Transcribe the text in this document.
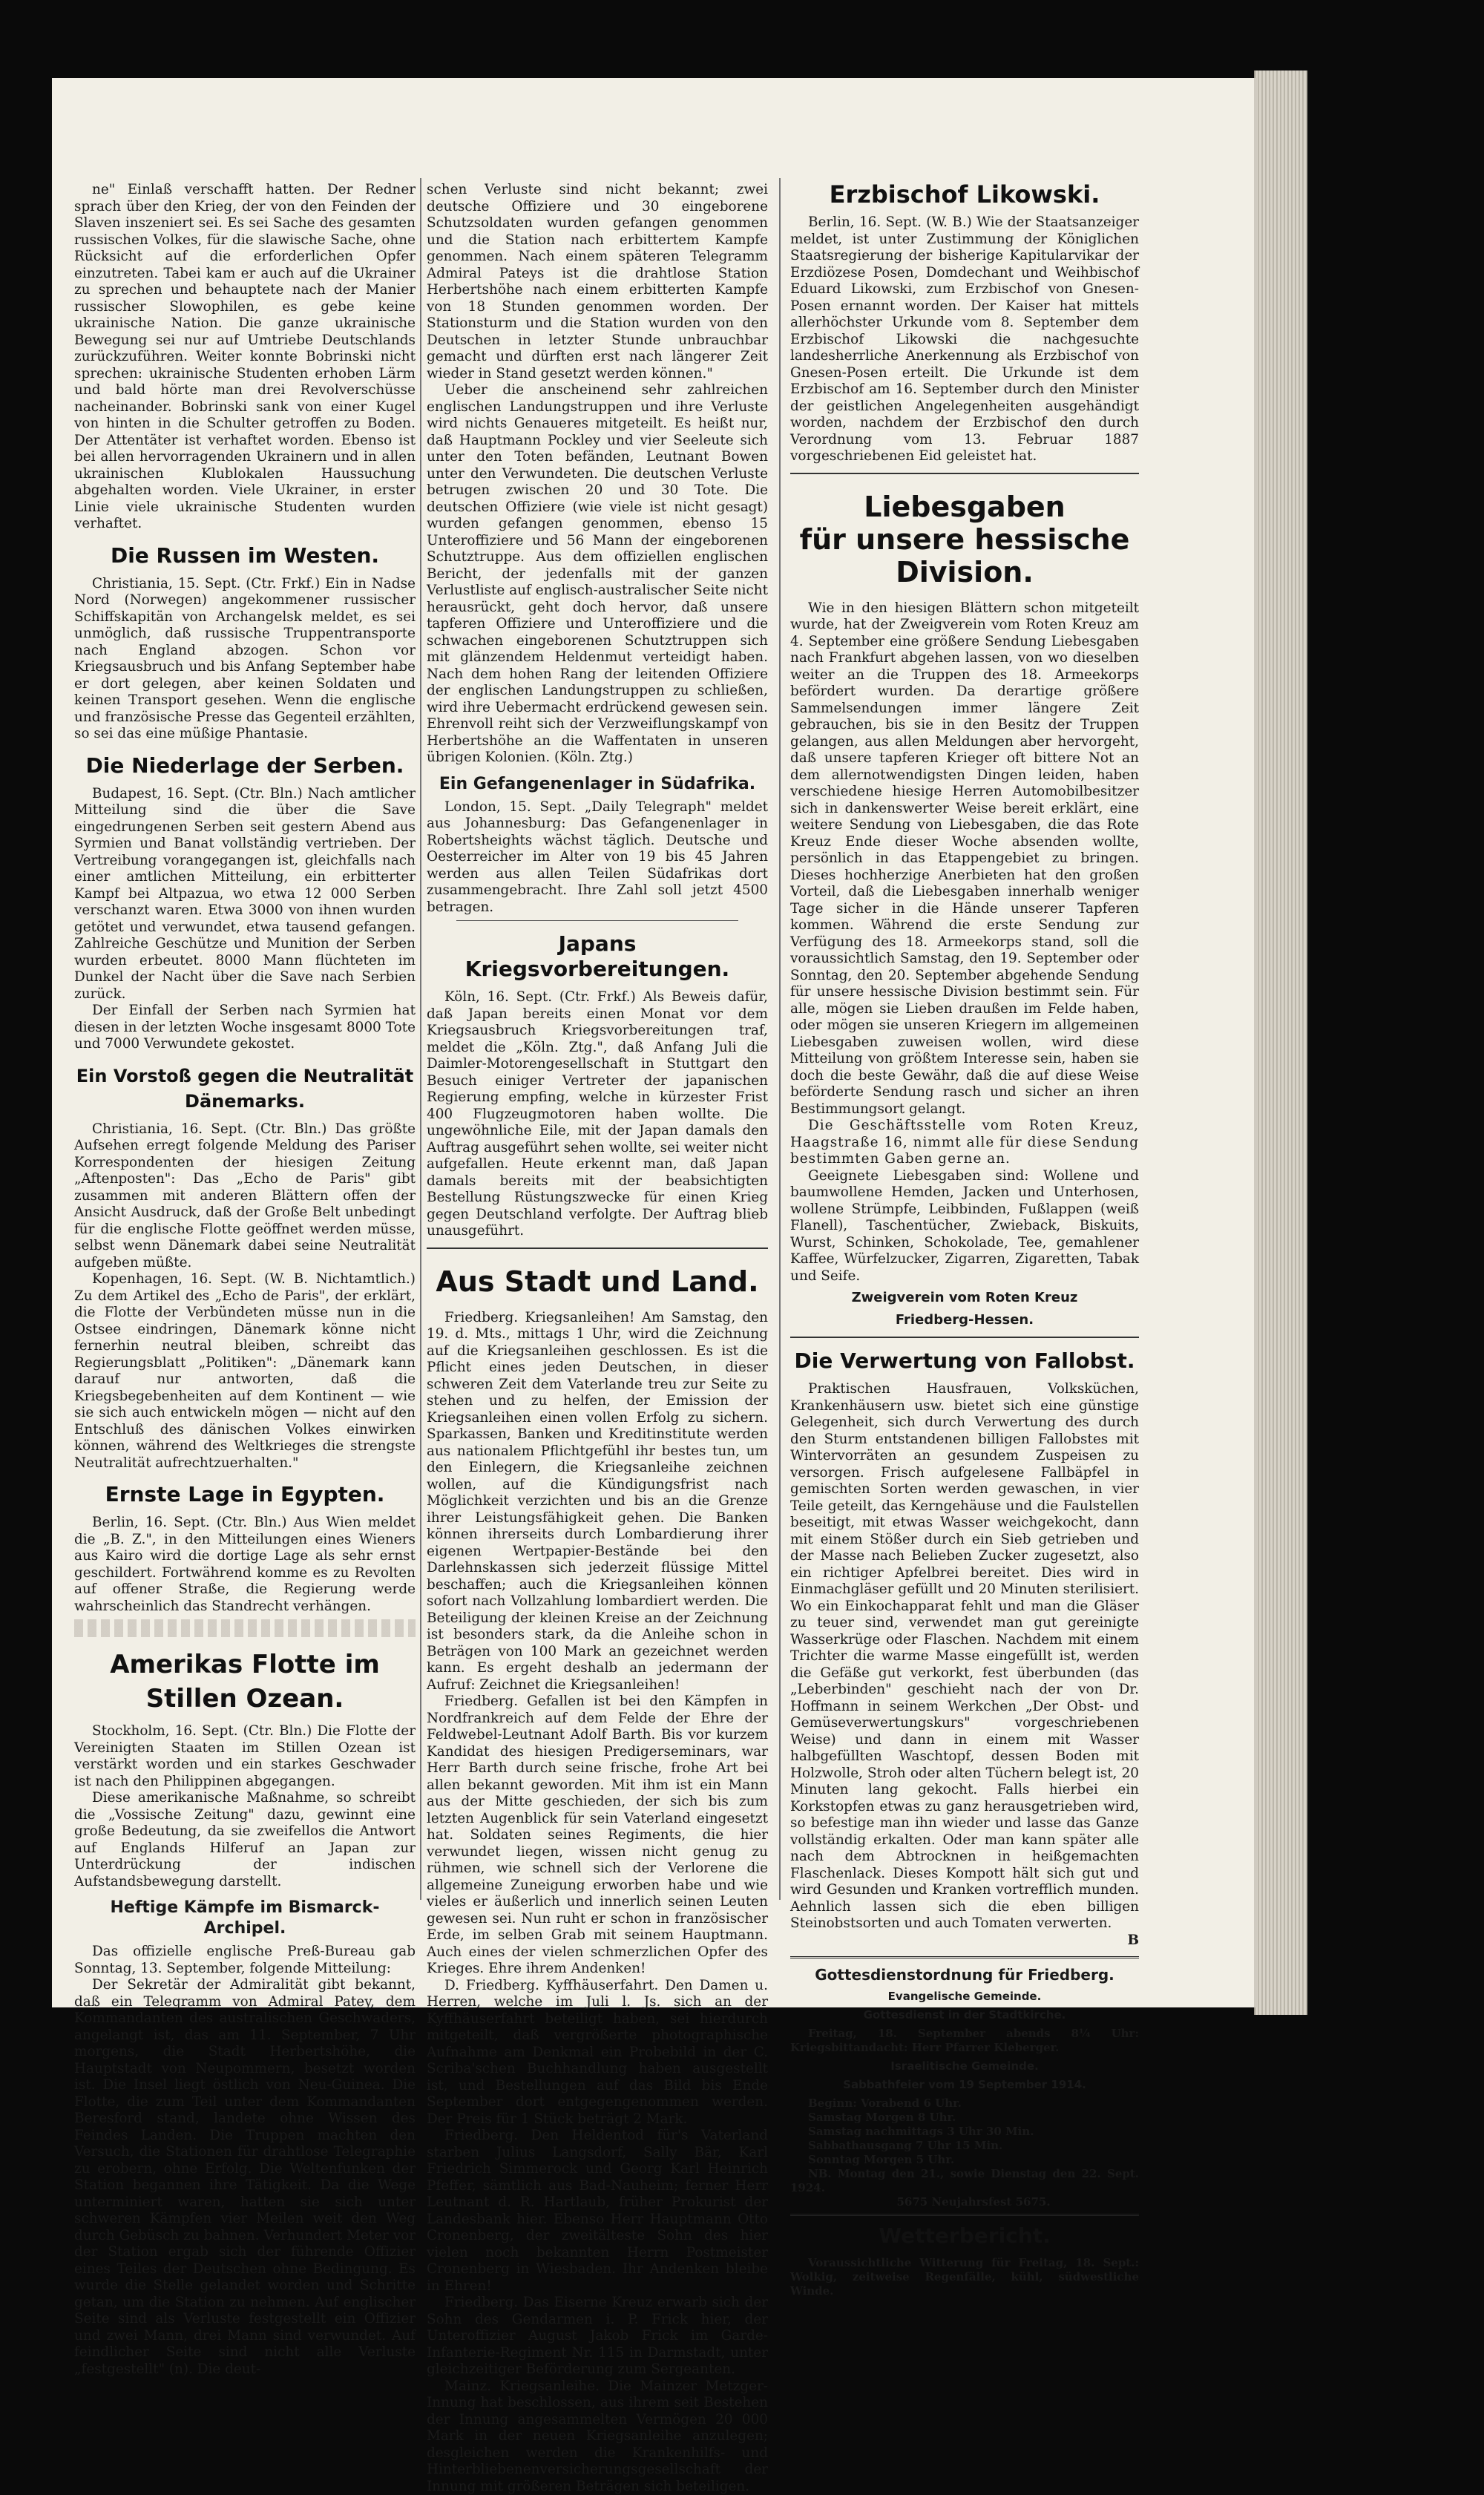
ne" Einlaß verschafft hatten. Der Redner sprach über den Krieg, der von den Feinden der Slaven inszeniert sei. Es sei Sache des gesamten russischen Volkes, für die slawische Sache, ohne Rücksicht auf die erforderlichen Opfer einzutreten. Tabei kam er auch auf die Ukrainer zu sprechen und behauptete nach der Manier russischer Slowophilen, es gebe keine ukrainische Nation. Die ganze ukrainische Bewegung sei nur auf Umtriebe Deutschlands zurückzuführen. Weiter konnte Bobrinski nicht sprechen: ukrainische Studenten erhoben Lärm und bald hörte man drei Revolverschüsse nacheinander. Bobrinski sank von einer Kugel von hinten in die Schulter getroffen zu Boden. Der Attentäter ist verhaftet worden. Ebenso ist bei allen hervorragenden Ukrainern und in allen ukrainischen Klublokalen Haussuchung abgehalten worden. Viele Ukrainer, in erster Linie viele ukrainische Studenten wurden verhaftet.

Die Russen im Westen.

Christiania, 15. Sept. (Ctr. Frkf.) Ein in Nadse Nord (Norwegen) angekommener russischer Schiffskapitän von Archangelsk meldet, es sei unmöglich, daß russische Truppentransporte nach England abzogen. Schon vor Kriegsausbruch und bis Anfang September habe er dort gelegen, aber keinen Soldaten und keinen Transport gesehen. Wenn die englische und französische Presse das Gegenteil erzählten, so sei das eine müßige Phantasie.

Die Niederlage der Serben.

Budapest, 16. Sept. (Ctr. Bln.) Nach amtlicher Mitteilung sind die über die Save eingedrungenen Serben seit gestern Abend aus Syrmien und Banat vollständig vertrieben. Der Vertreibung vorangegangen ist, gleichfalls nach einer amtlichen Mitteilung, ein erbitterter Kampf bei Altpazua, wo etwa 12 000 Serben verschanzt waren. Etwa 3000 von ihnen wurden getötet und verwundet, etwa tausend gefangen. Zahlreiche Geschütze und Munition der Serben wurden erbeutet. 8000 Mann flüchteten im Dunkel der Nacht über die Save nach Serbien zurück.

Der Einfall der Serben nach Syrmien hat diesen in der letzten Woche insgesamt 8000 Tote und 7000 Verwundete gekostet.

Ein Vorstoß gegen die Neutralität Dänemarks.

Christiania, 16. Sept. (Ctr. Bln.) Das größte Aufsehen erregt folgende Meldung des Pariser Korrespondenten der hiesigen Zeitung „Aftenposten": Das „Echo de Paris" gibt zusammen mit anderen Blättern offen der Ansicht Ausdruck, daß der Große Belt unbedingt für die englische Flotte geöffnet werden müsse, selbst wenn Dänemark dabei seine Neutralität aufgeben müßte.

Kopenhagen, 16. Sept. (W. B. Nichtamtlich.) Zu dem Artikel des „Echo de Paris", der erklärt, die Flotte der Verbündeten müsse nun in die Ostsee eindringen, Dänemark könne nicht fernerhin neutral bleiben, schreibt das Regierungsblatt „Politiken": „Dänemark kann darauf nur antworten, daß die Kriegsbegebenheiten auf dem Kontinent — wie sie sich auch entwickeln mögen — nicht auf den Entschluß des dänischen Volkes einwirken können, während des Weltkrieges die strengste Neutralität aufrechtzuerhalten."

Ernste Lage in Egypten.

Berlin, 16. Sept. (Ctr. Bln.) Aus Wien meldet die „B. Z.", in den Mitteilungen eines Wieners aus Kairo wird die dortige Lage als sehr ernst geschildert. Fortwährend komme es zu Revolten auf offener Straße, die Regierung werde wahrscheinlich das Standrecht verhängen.

Amerikas Flotte im Stillen Ozean.

Stockholm, 16. Sept. (Ctr. Bln.) Die Flotte der Vereinigten Staaten im Stillen Ozean ist verstärkt worden und ein starkes Geschwader ist nach den Philippinen abgegangen.

Diese amerikanische Maßnahme, so schreibt die „Vossische Zeitung" dazu, gewinnt eine große Bedeutung, da sie zweifellos die Antwort auf Englands Hilferuf an Japan zur Unterdrückung der indischen Aufstandsbewegung darstellt.

Heftige Kämpfe im Bismarck-Archipel.

Das offizielle englische Preß-Bureau gab Sonntag, 13. September, folgende Mitteilung:

Der Sekretär der Admiralität gibt bekannt, daß ein Telegramm von Admiral Patey, dem Kommandanten des australischen Geschwaders, angelangt ist, das am 11. September, 7 Uhr morgens, die Stadt Herbertshöhe, die Hauptstadt von Neupommern, besetzt worden ist. Die Insel liegt östlich von Neu-Guinea. Die Flotte, die zum Teil unter dem Kommandanten Beresford stand, landete ohne Wissen des Feindes Landen. Die Truppen machten den Versuch, die Stationen für drahtlose Telegraphie zu erobern, ohne Erfolg. Die Weltenfunken der Station begannen ihre Tätigkeit. Da die Wege unterminiert waren, hatten sie sich unter schweren Kämpfen vier Meilen weit den Weg durch Gebüsch zu bahnen. Verhundert Meter vor der Station ergab sich der führende Offizier eines Teiles der Deutschen ohne Bedingung. Es wurde die Stelle gelandet worden und Schritte getan, um die Station zu nehmen. Auf englischer Seite sind als Verluste festgestellt ein Offizier und zwei Mann, drei Mann sind verwundet. Auf feindlicher Seite sind nicht alle Verluste „festgestellt" (n). Die deut-

schen Verluste sind nicht bekannt; zwei deutsche Offiziere und 30 eingeborene Schutzsoldaten wurden gefangen genommen und die Station nach erbittertem Kampfe genommen. Nach einem späteren Telegramm Admiral Pateys ist die drahtlose Station Herbertshöhe nach einem erbitterten Kampfe von 18 Stunden genommen worden. Der Stationsturm und die Station wurden von den Deutschen in letzter Stunde unbrauchbar gemacht und dürften erst nach längerer Zeit wieder in Stand gesetzt werden können."

Ueber die anscheinend sehr zahlreichen englischen Landungstruppen und ihre Verluste wird nichts Genaueres mitgeteilt. Es heißt nur, daß Hauptmann Pockley und vier Seeleute sich unter den Toten befänden, Leutnant Bowen unter den Verwundeten. Die deutschen Verluste betrugen zwischen 20 und 30 Tote. Die deutschen Offiziere (wie viele ist nicht gesagt) wurden gefangen genommen, ebenso 15 Unteroffiziere und 56 Mann der eingeborenen Schutztruppe. Aus dem offiziellen englischen Bericht, der jedenfalls mit der ganzen Verlustliste auf englisch-australischer Seite nicht herausrückt, geht doch hervor, daß unsere tapferen Offiziere und Unteroffiziere und die schwachen eingeborenen Schutztruppen sich mit glänzendem Heldenmut verteidigt haben. Nach dem hohen Rang der leitenden Offiziere der englischen Landungstruppen zu schließen, wird ihre Uebermacht erdrückend gewesen sein. Ehrenvoll reiht sich der Verzweiflungskampf von Herbertshöhe an die Waffentaten in unseren übrigen Kolonien. (Köln. Ztg.)

Ein Gefangenenlager in Südafrika.

London, 15. Sept. „Daily Telegraph" meldet aus Johannesburg: Das Gefangenenlager in Robertsheights wächst täglich. Deutsche und Oesterreicher im Alter von 19 bis 45 Jahren werden aus allen Teilen Südafrikas dort zusammengebracht. Ihre Zahl soll jetzt 4500 betragen.

Japans Kriegsvorbereitungen.

Köln, 16. Sept. (Ctr. Frkf.) Als Beweis dafür, daß Japan bereits einen Monat vor dem Kriegsausbruch Kriegsvorbereitungen traf, meldet die „Köln. Ztg.", daß Anfang Juli die Daimler-Motorengesellschaft in Stuttgart den Besuch einiger Vertreter der japanischen Regierung empfing, welche in kürzester Frist 400 Flugzeugmotoren haben wollte. Die ungewöhnliche Eile, mit der Japan damals den Auftrag ausgeführt sehen wollte, sei weiter nicht aufgefallen. Heute erkennt man, daß Japan damals bereits mit der beabsichtigten Bestellung Rüstungszwecke für einen Krieg gegen Deutschland verfolgte. Der Auftrag blieb unausgeführt.

Aus Stadt und Land.

Friedberg. Kriegsanleihen! Am Samstag, den 19. d. Mts., mittags 1 Uhr, wird die Zeichnung auf die Kriegsanleihen geschlossen. Es ist die Pflicht eines jeden Deutschen, in dieser schweren Zeit dem Vaterlande treu zur Seite zu stehen und zu helfen, der Emission der Kriegsanleihen einen vollen Erfolg zu sichern. Sparkassen, Banken und Kreditinstitute werden aus nationalem Pflichtgefühl ihr bestes tun, um den Einlegern, die Kriegsanleihe zeichnen wollen, auf die Kündigungsfrist nach Möglichkeit verzichten und bis an die Grenze ihrer Leistungsfähigkeit gehen. Die Banken können ihrerseits durch Lombardierung ihrer eigenen Wertpapier-Bestände bei den Darlehnskassen sich jederzeit flüssige Mittel beschaffen; auch die Kriegsanleihen können sofort nach Vollzahlung lombardiert werden. Die Beteiligung der kleinen Kreise an der Zeichnung ist besonders stark, da die Anleihe schon in Beträgen von 100 Mark an gezeichnet werden kann. Es ergeht deshalb an jedermann der Aufruf: Zeichnet die Kriegsanleihen!

Friedberg. Gefallen ist bei den Kämpfen in Nordfrankreich auf dem Felde der Ehre der Feldwebel-Leutnant Adolf Barth. Bis vor kurzem Kandidat des hiesigen Predigerseminars, war Herr Barth durch seine frische, frohe Art bei allen bekannt geworden. Mit ihm ist ein Mann aus der Mitte geschieden, der sich bis zum letzten Augenblick für sein Vaterland eingesetzt hat. Soldaten seines Regiments, die hier verwundet liegen, wissen nicht genug zu rühmen, wie schnell sich der Verlorene die allgemeine Zuneigung erworben habe und wie vieles er äußerlich und innerlich seinen Leuten gewesen sei. Nun ruht er schon in französischer Erde, im selben Grab mit seinem Hauptmann. Auch eines der vielen schmerzlichen Opfer des Krieges. Ehre ihrem Andenken!

D. Friedberg. Kyffhäuserfahrt. Den Damen u. Herren, welche im Juli l. Js. sich an der Kyffhäuserfahrt beteiligt haben, sei hierdurch mitgeteilt, daß vergrößerte photographische Aufnahme am Denkmal ein Probebild in der C. Scriba'schen Buchhandlung haben ausgestellt ist, und Bestellungen auf das Bild bis Ende September dort entgegengenommen werden. Der Preis für 1 Stück beträgt 2 Mark.

Friedberg. Den Heldentod für's Vaterland starben Julius Langsdorf, Sally Bär, Karl Friedrich Simmerock und Georg Karl Heinrich Pfeffer, sämtlich aus Bad-Nauheim; ferner Herr Leutnant d. R. Hartlaub, früher Prokurist der Landesbank hier. Ebenso Herr Hauptmann Otto Cronenberg, der zweitälteste Sohn des hier vielen noch bekannten Herrn Postmeister Cronenberg in Wiesbaden. Ihr Andenken bleibe in Ehren!

Friedberg. Das Eiserne Kreuz erwarb sich der Sohn des Gendarmen i. P. Frick hier, der Unteroffizier August Jakob Frick im Garde-Infanterie-Regiment Nr. 115 in Darmstadt, unter gleichzeitiger Beförderung zum Sergeanten.

Mainz. Kriegsanleihe. Die Mainzer Metzger-Innung hat beschlossen, aus ihrem seit Bestehen der Innung angesammelten Vermögen 20 000 Mark in der neuen Kriegsanleihe anzulegen; desgleichen werden die Krankenhilfs- und Hinterbliebenenversicherungsgesellschaft der Innung mit größeren Beträgen sich beteiligen.

Erzbischof Likowski.

Berlin, 16. Sept. (W. B.) Wie der Staatsanzeiger meldet, ist unter Zustimmung der Königlichen Staatsregierung der bisherige Kapitularvikar der Erzdiözese Posen, Domdechant und Weihbischof Eduard Likowski, zum Erzbischof von Gnesen-Posen ernannt worden. Der Kaiser hat mittels allerhöchster Urkunde vom 8. September dem Erzbischof Likowski die nachgesuchte landesherrliche Anerkennung als Erzbischof von Gnesen-Posen erteilt. Die Urkunde ist dem Erzbischof am 16. September durch den Minister der geistlichen Angelegenheiten ausgehändigt worden, nachdem der Erzbischof den durch Verordnung vom 13. Februar 1887 vorgeschriebenen Eid geleistet hat.

Liebesgaben
für unsere hessische Division.

Wie in den hiesigen Blättern schon mitgeteilt wurde, hat der Zweigverein vom Roten Kreuz am 4. September eine größere Sendung Liebesgaben nach Frankfurt abgehen lassen, von wo dieselben weiter an die Truppen des 18. Armeekorps befördert wurden. Da derartige größere Sammelsendungen immer längere Zeit gebrauchen, bis sie in den Besitz der Truppen gelangen, aus allen Meldungen aber hervorgeht, daß unsere tapferen Krieger oft bittere Not an dem allernotwendigsten Dingen leiden, haben verschiedene hiesige Herren Automobilbesitzer sich in dankenswerter Weise bereit erklärt, eine weitere Sendung von Liebesgaben, die das Rote Kreuz Ende dieser Woche absenden wollte, persönlich in das Etappengebiet zu bringen. Dieses hochherzige Anerbieten hat den großen Vorteil, daß die Liebesgaben innerhalb weniger Tage sicher in die Hände unserer Tapferen kommen. Während die erste Sendung zur Verfügung des 18. Armeekorps stand, soll die voraussichtlich Samstag, den 19. September oder Sonntag, den 20. September abgehende Sendung für unsere hessische Division bestimmt sein. Für alle, mögen sie Lieben draußen im Felde haben, oder mögen sie unseren Kriegern im allgemeinen Liebesgaben zuweisen wollen, wird diese Mitteilung von größtem Interesse sein, haben sie doch die beste Gewähr, daß die auf diese Weise beförderte Sendung rasch und sicher an ihren Bestimmungsort gelangt.

Die Geschäftsstelle vom Roten Kreuz, Haagstraße 16, nimmt alle für diese Sendung bestimmten Gaben gerne an.

Geeignete Liebesgaben sind: Wollene und baumwollene Hemden, Jacken und Unterhosen, wollene Strümpfe, Leibbinden, Fußlappen (weiß Flanell), Taschentücher, Zwieback, Biskuits, Wurst, Schinken, Schokolade, Tee, gemahlener Kaffee, Würfelzucker, Zigarren, Zigaretten, Tabak und Seife.

Zweigverein vom Roten Kreuz
Friedberg-Hessen.
Die Verwertung von Fallobst.

Praktischen Hausfrauen, Volksküchen, Krankenhäusern usw. bietet sich eine günstige Gelegenheit, sich durch Verwertung des durch den Sturm entstandenen billigen Fallobstes mit Wintervorräten an gesundem Zuspeisen zu versorgen. Frisch aufgelesene Fallbäpfel in gemischten Sorten werden gewaschen, in vier Teile geteilt, das Kerngehäuse und die Faulstellen beseitigt, mit etwas Wasser weichgekocht, dann mit einem Stößer durch ein Sieb getrieben und der Masse nach Belieben Zucker zugesetzt, also ein richtiger Apfelbrei bereitet. Dies wird in Einmachgläser gefüllt und 20 Minuten sterilisiert. Wo ein Einkochapparat fehlt und man die Gläser zu teuer sind, verwendet man gut gereinigte Wasserkrüge oder Flaschen. Nachdem mit einem Trichter die warme Masse eingefüllt ist, werden die Gefäße gut verkorkt, fest überbunden (das „Leberbinden" geschieht nach der von Dr. Hoffmann in seinem Werkchen „Der Obst- und Gemüseverwertungskurs" vorgeschriebenen Weise) und dann in einem mit Wasser halbgefüllten Waschtopf, dessen Boden mit Holzwolle, Stroh oder alten Tüchern belegt ist, 20 Minuten lang gekocht. Falls hierbei ein Korkstopfen etwas zu ganz herausgetrieben wird, so befestige man ihn wieder und lasse das Ganze vollständig erkalten. Oder man kann später alle nach dem Abtrocknen in heißgemachten Flaschenlack. Dieses Kompott hält sich gut und wird Gesunden und Kranken vortrefflich munden. Aehnlich lassen sich die eben billigen Steinobstsorten und auch Tomaten verwerten.

B
Gottesdienstordnung für Friedberg.
Evangelische Gemeinde.
Gottesdienst in der Stadtkirche.

Freitag, 18. September abends 8¼ Uhr: Kriegsbittandacht: Herr Pfarrer Kleberger.

Israelitische Gemeinde.
Sabbathfeier vom 19 September 1914.

Beginn: Vorabend 6 Uhr.

Samstag Morgen 8 Uhr.

Samstag nachmittags 3 Uhr 30 Min.

Sabbathausgang 7 Uhr 15 Min.

Sonntag Morgen 5 Uhr.

NB. Montag den 21., sowie Dienstag den 22. Sept. 1924.

5675 Neujahrsfest 5675.

Wetterbericht.

Voraussichtliche Witterung für Freitag, 18. Sept.: Wolkig, zeitweise Regenfälle, kühl, südwestliche Winde.
